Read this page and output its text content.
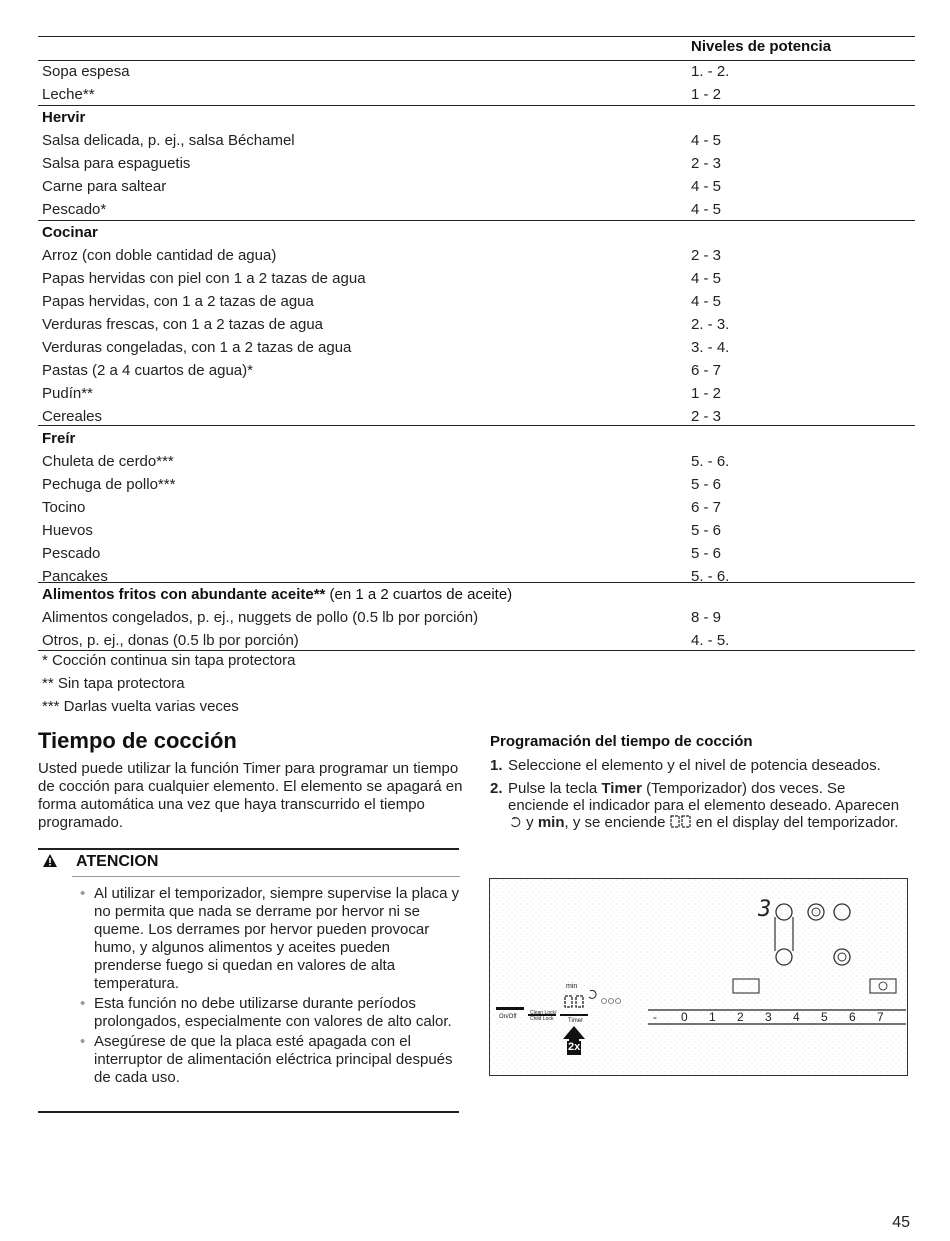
Niveles de potencia
Sopa espesa	1. - 2.
Leche**	1 - 2
Hervir
Salsa delicada, p. ej., salsa Béchamel	4 - 5
Salsa para espaguetis	2 - 3
Carne para saltear	4 - 5
Pescado*	4 - 5
Cocinar
Arroz (con doble cantidad de agua)	2 - 3
Papas hervidas con piel con 1 a 2 tazas de agua	4 - 5
Papas hervidas, con 1 a 2 tazas de agua	4 - 5
Verduras frescas, con 1 a 2 tazas de agua	2. - 3.
Verduras congeladas, con 1 a 2 tazas de agua	3. - 4.
Pastas (2 a 4 cuartos de agua)*	6 - 7
Pudín**	1 - 2
Cereales	2 - 3
Freír
Chuleta de cerdo***	5. - 6.
Pechuga de pollo***	5 - 6
Tocino	6 - 7
Huevos	5 - 6
Pescado	5 - 6
Pancakes	5. - 6.
Alimentos fritos con abundante aceite** (en 1 a 2 cuartos de aceite)
Alimentos congelados, p. ej., nuggets de pollo (0.5 lb por porción)	8 - 9
Otros, p. ej., donas (0.5 lb por porción)	4. - 5.
* Cocción continua sin tapa protectora
** Sin tapa protectora
*** Darlas vuelta varias veces
Tiempo de cocción
Usted puede utilizar la función Timer para programar un tiempo de cocción para cualquier elemento. El elemento se apagará en forma automática una vez que haya transcurrido el tiempo programado.
ATENCION
• Al utilizar el temporizador, siempre supervise la placa y no permita que nada se derrame por hervor ni se queme. Los derrames por hervor pueden provocar humo, y algunos alimentos y aceites pueden prenderse fuego si quedan en valores de alta temperatura.
• Esta función no debe utilizarse durante períodos prolongados, especialmente con valores de alto calor.
• Asegúrese de que la placa esté apagada con el interruptor de alimentación eléctrica principal después de cada uso.
Programación del tiempo de cocción
1. Seleccione el elemento y el nivel de potencia deseados.
2. Pulse la tecla Timer (Temporizador) dos veces. Se enciende el indicador para el elemento deseado. Aparecen  y min, y se enciende  en el display del temporizador.
3
min
On/Off
Clean Lock/ Child Lock	Timer
2x
- 0 1 2 3 4 5 6 7
45
